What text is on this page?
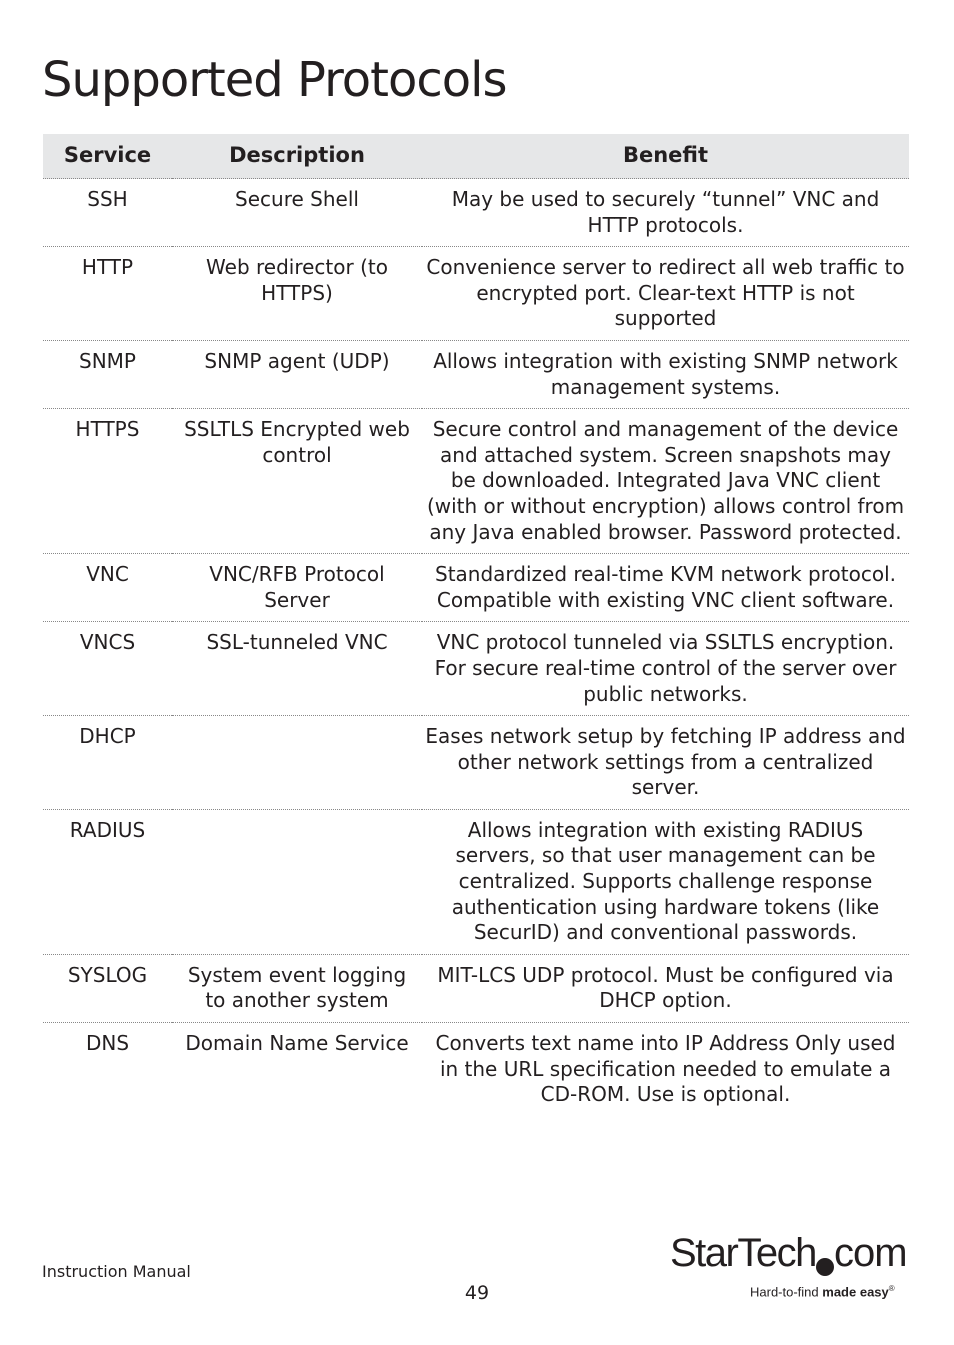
Supported Protocols
Service	Description	Benefit
SSH	Secure Shell	May be used to securely “tunnel” VNC and HTTP protocols.
HTTP	Web redirector (to HTTPS)	Convenience server to redirect all web traffic to encrypted port. Clear-text HTTP is not supported
SNMP	SNMP agent (UDP)	Allows integration with existing SNMP network management systems.
HTTPS	SSLTLS Encrypted web control	Secure control and management of the device and attached system. Screen snapshots may be downloaded. Integrated Java VNC client (with or without encryption) allows control from any Java enabled browser. Password protected.
VNC	VNC/RFB Protocol Server	Standardized real-time KVM network protocol. Compatible with existing VNC client software.
VNCS	SSL-tunneled VNC	VNC protocol tunneled via SSLTLS encryption. For secure real-time control of the server over public networks.
DHCP		Eases network setup by fetching IP address and other network settings from a centralized server.
RADIUS		Allows integration with existing RADIUS servers, so that user management can be centralized. Supports challenge response authentication using hardware tokens (like SecurID) and conventional passwords.
SYSLOG	System event logging to another system	MIT-LCS UDP protocol. Must be configured via DHCP option.
DNS	Domain Name Service	Converts text name into IP Address Only used in the URL specification needed to emulate a CD-ROM. Use is optional.
Instruction Manual
49
StarTech com
Hard-to-find made easy®
